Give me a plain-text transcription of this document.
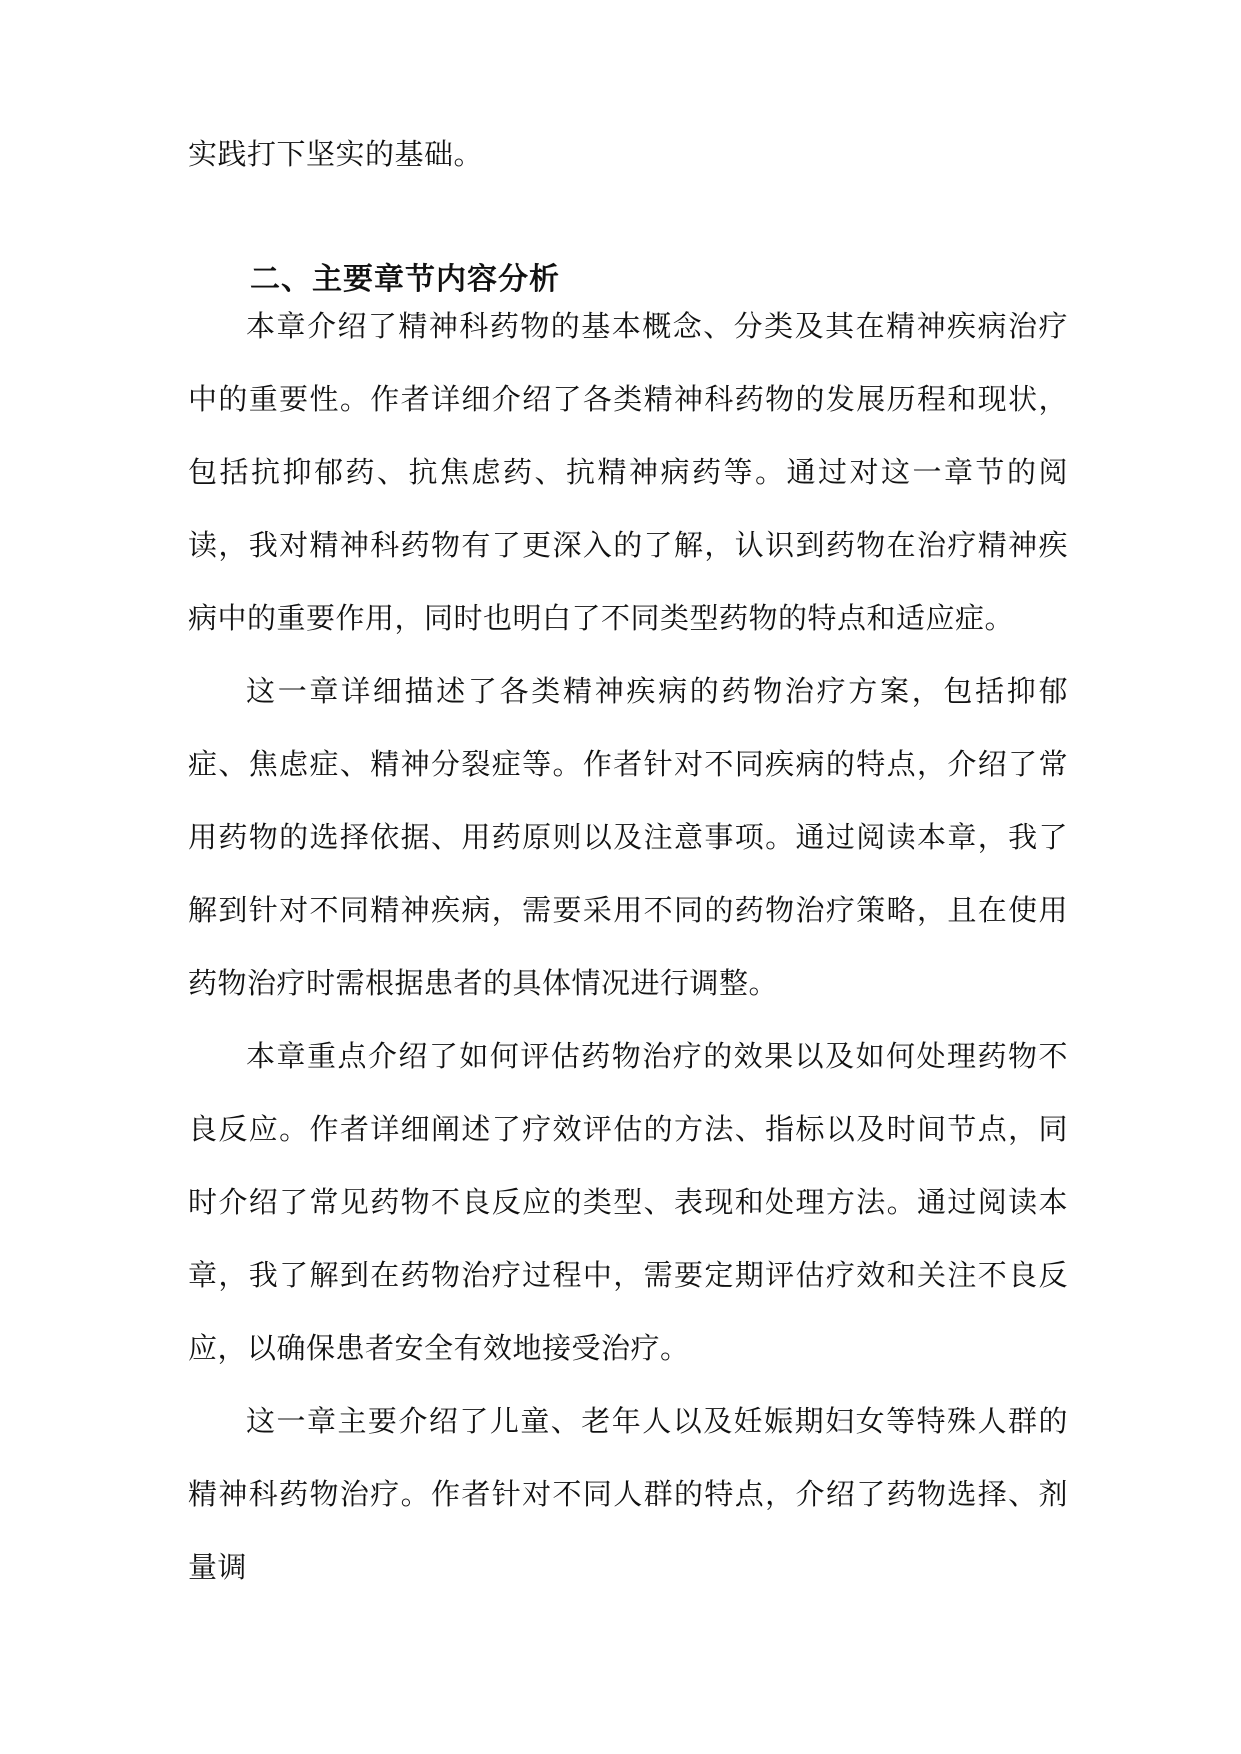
实践打下坚实的基础。

二、主要章节内容分析

本章介绍了精神科药物的基本概念、分类及其在精神疾病治疗中的重要性。作者详细介绍了各类精神科药物的发展历程和现状，包括抗抑郁药、抗焦虑药、抗精神病药等。通过对这一章节的阅读，我对精神科药物有了更深入的了解，认识到药物在治疗精神疾病中的重要作用，同时也明白了不同类型药物的特点和适应症。

这一章详细描述了各类精神疾病的药物治疗方案，包括抑郁症、焦虑症、精神分裂症等。作者针对不同疾病的特点，介绍了常用药物的选择依据、用药原则以及注意事项。通过阅读本章，我了解到针对不同精神疾病，需要采用不同的药物治疗策略，且在使用药物治疗时需根据患者的具体情况进行调整。

本章重点介绍了如何评估药物治疗的效果以及如何处理药物不良反应。作者详细阐述了疗效评估的方法、指标以及时间节点，同时介绍了常见药物不良反应的类型、表现和处理方法。通过阅读本章，我了解到在药物治疗过程中，需要定期评估疗效和关注不良反应，以确保患者安全有效地接受治疗。

这一章主要介绍了儿童、老年人以及妊娠期妇女等特殊人群的精神科药物治疗。作者针对不同人群的特点，介绍了药物选择、剂量调
